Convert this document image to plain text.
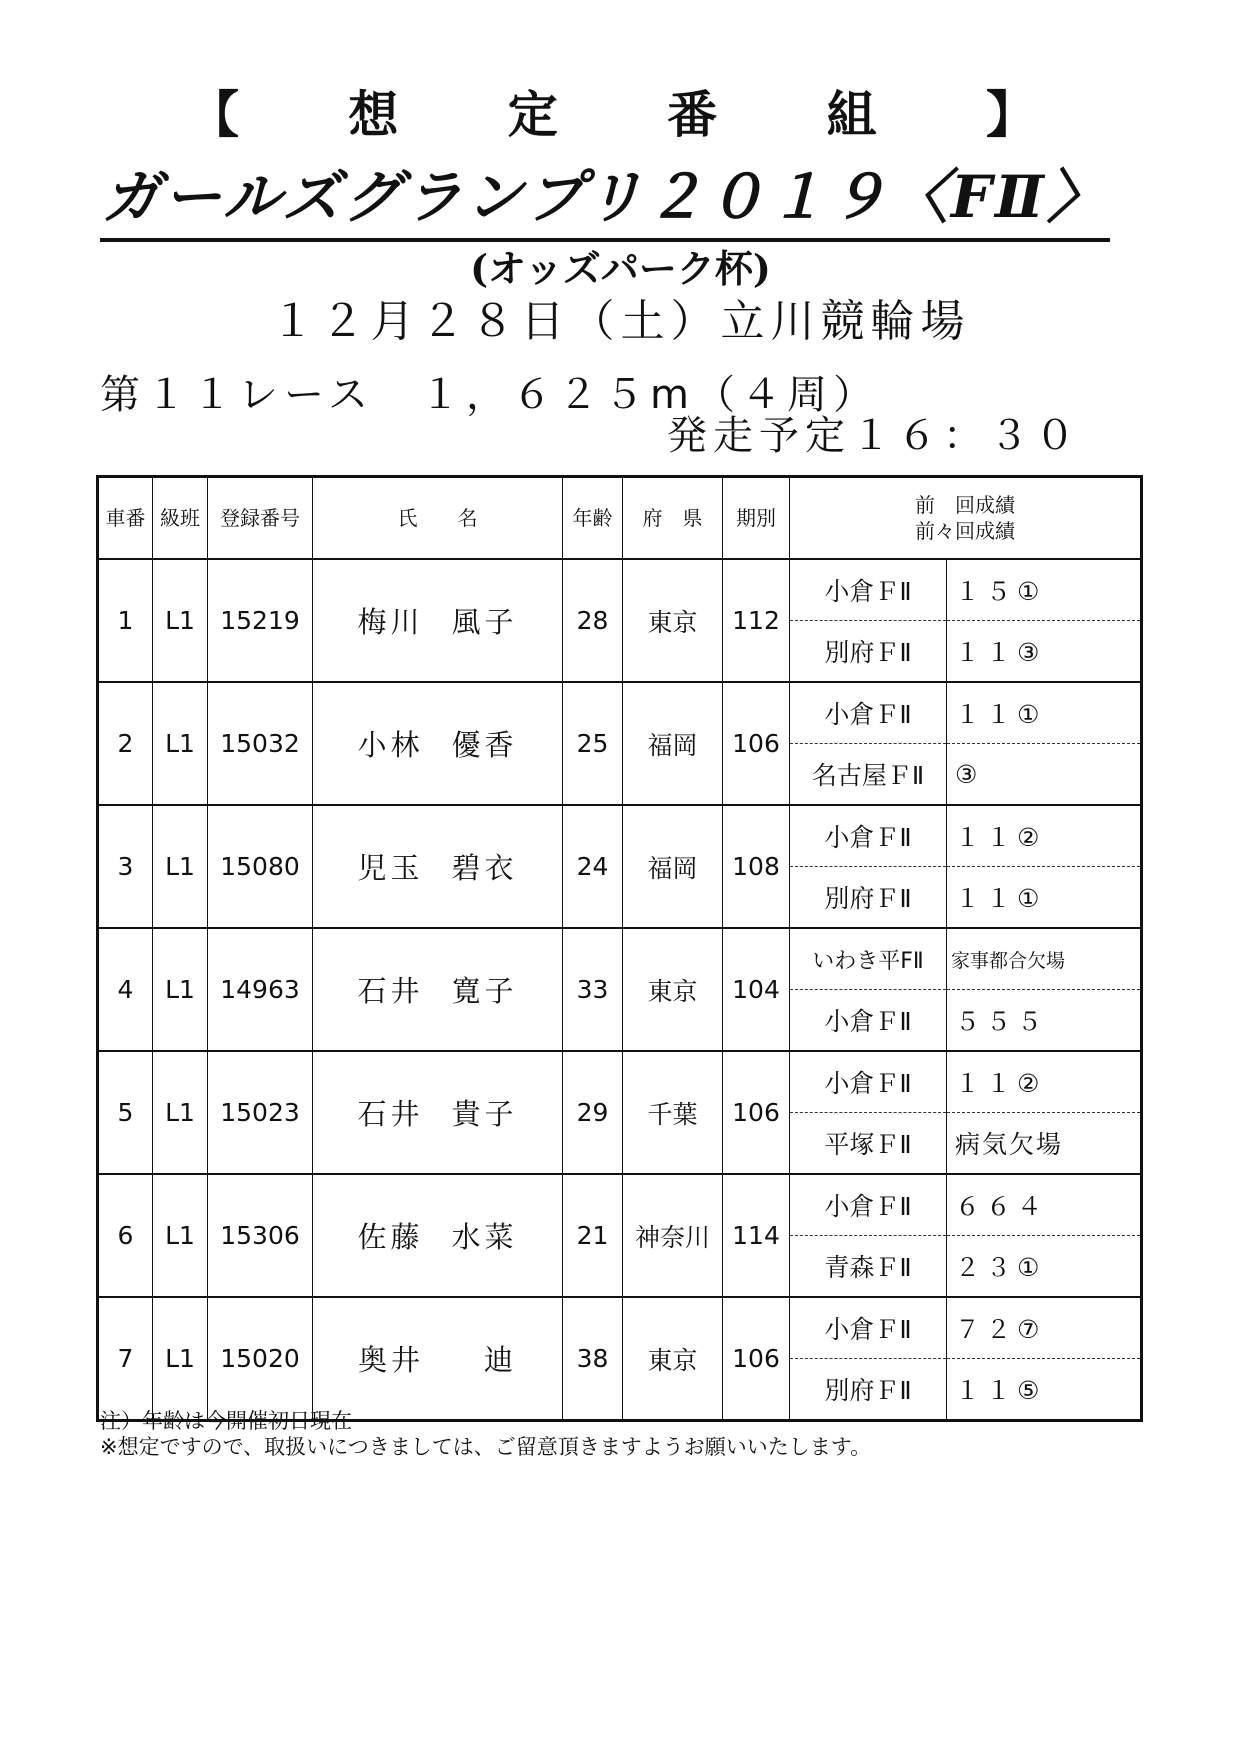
【 想 定 番 組 】
ガールズグランプリ２０１９〈FⅡ〉
(オッズパーク杯)
１２月２８日（土）立川競輪場
第１１レース　１，６２５m（４周）
発走予定１６：３０
車番	級班	登録番号	氏　　名	年齢	府　県	期別	前　回成績
前々回成績	

1	L1	15219	梅川 風子	28	東京	112	小倉ＦⅡ	１５①
							別府ＦⅡ	１１③
2	L1	15032	小林 優香	25	福岡	106	小倉ＦⅡ	１１①
							名古屋ＦⅡ	③
3	L1	15080	児玉 碧衣	24	福岡	108	小倉ＦⅡ	１１②
							別府ＦⅡ	１１①
4	L1	14963	石井 寛子	33	東京	104	いわき平FⅡ	家事都合欠場
							小倉ＦⅡ	５５５
5	L1	15023	石井 貴子	29	千葉	106	小倉ＦⅡ	１１②
							平塚ＦⅡ	病気欠場
6	L1	15306	佐藤 水菜	21	神奈川	114	小倉ＦⅡ	６６４
							青森ＦⅡ	２３①
7	L1	15020	奥井 迪	38	東京	106	小倉ＦⅡ	７２⑦
							別府ＦⅡ	１１⑤
注）年齢は今開催初日現在
※想定ですので、取扱いにつきましては、ご留意頂きますようお願いいたします。
